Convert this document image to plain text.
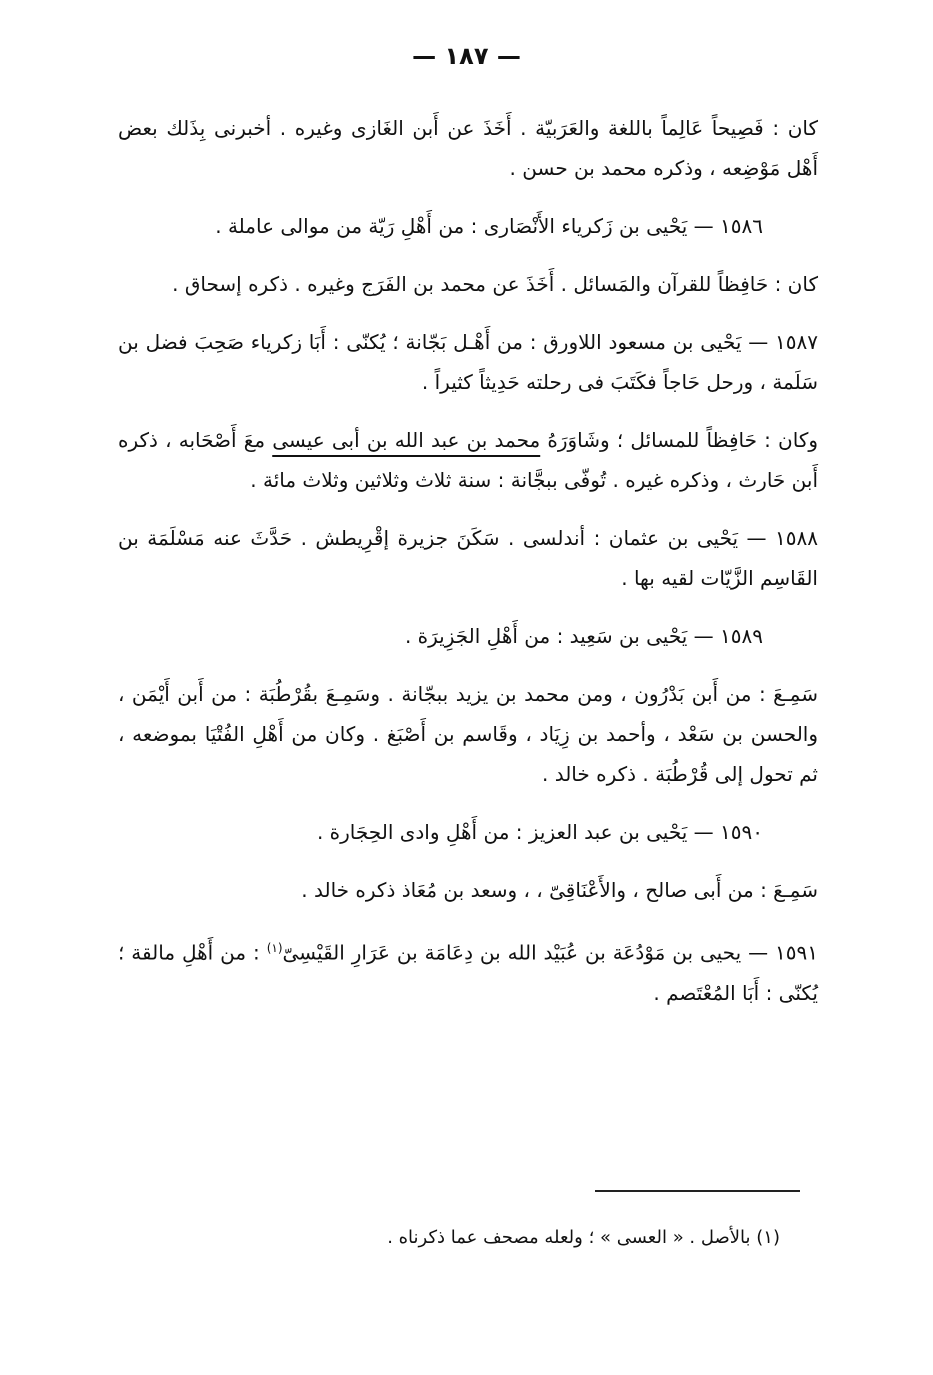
— ١٨٧ —

كان : فَصِيحاً عَالِماً باللغة والعَرَبيّة . أَخَذَ عن أَبن الغَازى وغيره . أخبرنى بِذَلك بعض أَهْل مَوْضِعه ، وذكره محمد بن حسن .

١٥٨٦ — يَحْيى بن زَكرياء الأَنْصَارى : من أَهْلِ رَيّة من موالى عاملة .

كان : حَافِظاً للقرآن والمَسائل . أَخَذَ عن محمد بن الفَرَج وغيره . ذكره إسحاق .

١٥٨٧ — يَحْيى بن مسعود اللاورق : من أَهْـل بَجّانة ؛ يُكنّى : أَبَا زكرياء صَحِبَ فضل بن سَلَمة ، ورحل حَاجاً فكَتَبَ فى رحلته حَدِيثاً كثيراً .

وكان : حَافِظاً للمسائل ؛ وشَاوَرَهُ محمد بن عبد الله بن أبى عيسى معَ أَصْحَابه ، ذكره أَبن حَارث ، وذكره غيره . تُوفّى ببجَّانة : سنة ثلاث وثلاثين وثلاث مائة .

١٥٨٨ — يَحْيى بن عثمان : أندلسى . سَكَنَ جزيرة إقْرِيطش . حَدَّثَ عنه مَسْلَمَة بن القَاسِم الزَّيّات لقيه بها .

١٥٨٩ — يَحْيى بن سَعِيد : من أَهْلِ الجَزِيرَة .

سَمِـعَ : من أَبن بَدْرُون ، ومن محمد بن يزيد ببجّانة . وسَمِـعَ بقُرْطُبَة : من أَبن أَيْمَن ، والحسن بن سَعْد ، وأحمد بن زِيَاد ، وقَاسم بن أَصْبَغ . وكان من أَهْلِ الفُتْيَا بموضعه ، ثم تحول إلى قُرْطُبَة . ذكره خالد .

١٥٩٠ — يَحْيى بن عبد العزيز : من أَهْلِ وادى الحِجَارة .

سَمِـعَ : من أَبى صالح ، والأَعْنَاقِىّ ، ، وسعد بن مُعَاذ ذكره خالد .

١٥٩١ — يحيى بن مَوْدُعَة بن عُبَيْد الله بن دِعَامَة بن عَرَارِ القَيْسِىّ$^{(١)}$ : من أَهْلِ مالقة ؛ يُكنّى : أَبَا المُعْتَصم .

(١) بالأصل . « العسى » ؛ ولعله مصحف عما ذكرناه .
